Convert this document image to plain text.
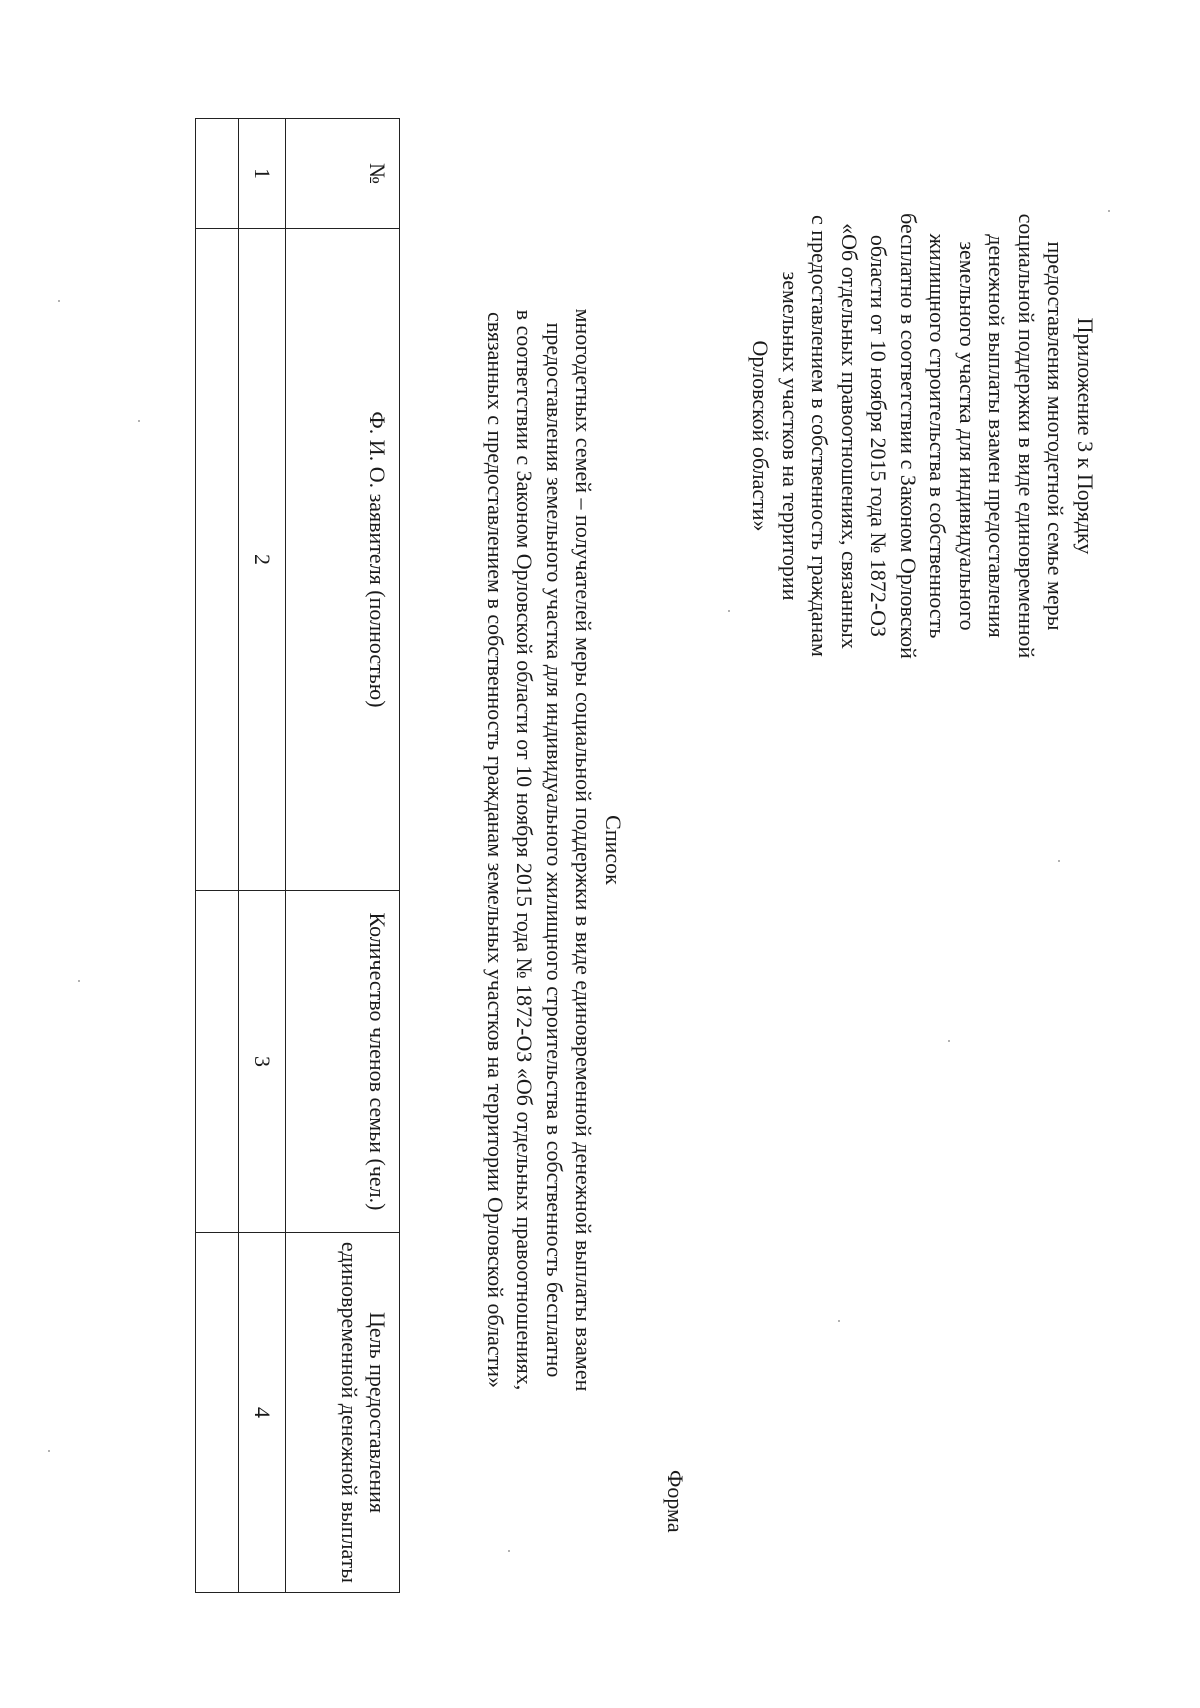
Приложение 3 к Порядку
предоставления многодетной семье меры
социальной поддержки в виде единовременной
денежной выплаты взамен предоставления
земельного участка для индивидуального
жилищного строительства в собственность
бесплатно в соответствии с Законом Орловской
области от 10 ноября 2015 года № 1872-ОЗ
«Об отдельных правоотношениях, связанных
с предоставлением в собственность гражданам
земельных участков на территории
Орловской области»
Форма
Список
многодетных семей – получателей меры социальной поддержки в виде единовременной денежной выплаты взамен
предоставления земельного участка для индивидуального жилищного строительства в собственность бесплатно
в соответствии с Законом Орловской области от 10 ноября 2015 года № 1872-ОЗ «Об отдельных правоотношениях,
связанных с предоставлением в собственность гражданам земельных участков на территории Орловской области»
№	Ф. И. О. заявителя (полностью)	Количество членов семьи (чел.)	Цель предоставления единовременной денежной выплаты
1	2	3	4
